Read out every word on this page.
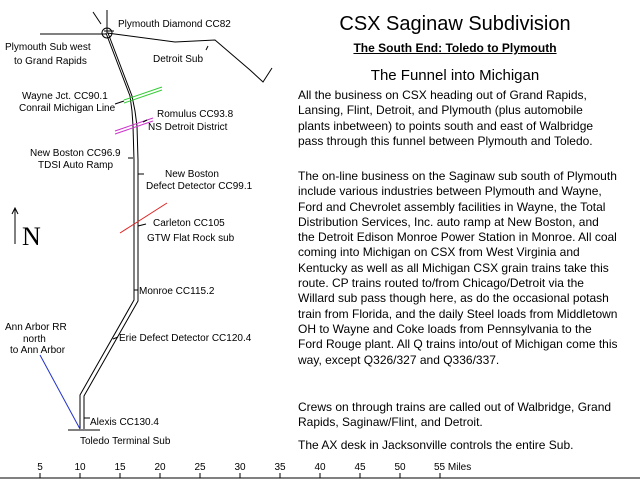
N
Plymouth Diamond CC82
Plymouth Sub west
to Grand Rapids	Detroit Sub
Wayne Jct. CC90.1
Conrail Michigan Line
Romulus CC93.8
NS Detroit District
New Boston CC96.9
TDSI Auto Ramp
New Boston
Defect Detector CC99.1
Carleton CC105
GTW Flat Rock sub
Monroe CC115.2
Erie Defect Detector CC120.4
Ann Arbor RR
north
to Ann Arbor
Alexis CC130.4
Toledo Terminal Sub
5	10	15	20	25	30	35	40	45	50	55 Miles
CSX Saginaw Subdivision
The South End: Toledo to Plymouth
The Funnel into Michigan

All the business on CSX heading out of Grand Rapids, Lansing, Flint, Detroit, and Plymouth (plus automobile plants inbetween) to points south and east of Walbridge pass through this funnel between Plymouth and Toledo.

The on-line business on the Saginaw sub south of Plymouth include various industries between Plymouth and Wayne, Ford and Chevrolet assembly facilities in Wayne, the Total Distribution Services, Inc. auto ramp at New Boston, and the Detroit Edison Monroe Power Station in Monroe. All coal coming into Michigan on CSX from West Virginia and Kentucky as well as all Michigan CSX grain trains take this route. CP trains routed to/from Chicago/Detroit via the Willard sub pass though here, as do the occasional potash train from Florida, and the daily Steel loads from Middletown OH to Wayne and Coke loads from Pennsylvania to the Ford Rouge plant. All Q trains into/out of Michigan come this way, except Q326/327 and Q336/337.

Crews on through trains are called out of Walbridge, Grand Rapids, Saginaw/Flint, and Detroit.

The AX desk in Jacksonville controls the entire Sub.
